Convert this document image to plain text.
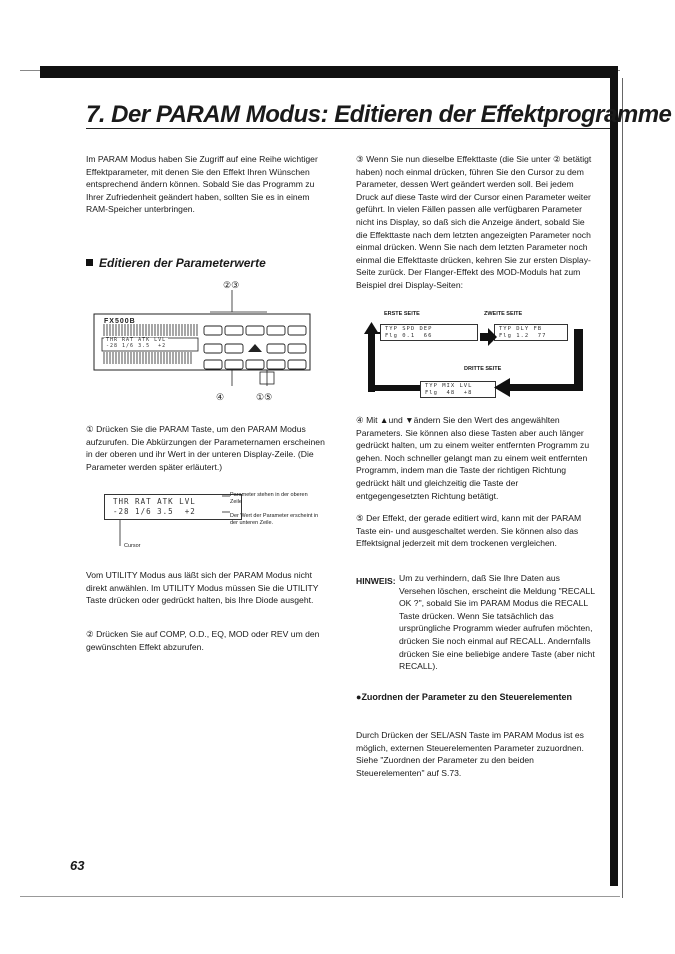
7. Der PARAM Modus: Editieren der Effektprogramme
Im PARAM Modus haben Sie Zugriff auf eine Reihe wichtiger Effektparameter, mit denen Sie den Effekt Ihren Wünschen entsprechend ändern können. Sobald Sie das Programm zu Ihrer Zufriedenheit geändert haben, sollten Sie es in einem RAM-Speicher unterbringen.
Editieren der Parameterwerte
THR RAT ATK LVL
-28 1/6 3.5  +2
FX500B
②③
④	①⑤
① Drücken Sie die PARAM Taste, um den PARAM Modus aufzurufen. Die Abkürzungen der Parameternamen erscheinen in der oberen und ihr Wert in der unteren Display-Zeile. (Die Parameter werden später erläutert.)
THR RAT ATK LVL
-28 1/6 3.5  +2
Parameter stehen in der oberen Zeile
Der Wert der Parameter erscheint in der unteren Zeile.
Cursor
Vom UTILITY Modus aus läßt sich der PARAM Modus nicht direkt anwählen. Im UTILITY Modus müssen Sie die UTILITY Taste drücken oder gedrückt halten, bis Ihre Diode ausgeht.
② Drücken Sie auf COMP, O.D., EQ, MOD oder REV um den gewünschten Effekt abzurufen.
③ Wenn Sie nun dieselbe Effekttaste (die Sie unter ② betätigt haben) noch einmal drücken, führen Sie den Cursor zu dem Parameter, dessen Wert geändert werden soll. Bei jedem Druck auf diese Taste wird der Cursor einen Parameter weiter geführt. In vielen Fällen passen alle verfügbaren Parameter nicht ins Display, so daß sich die Anzeige ändert, sobald Sie die Effekttaste nach dem letzten angezeigten Parameter noch einmal drücken. Wenn Sie nach dem letzten Parameter noch einmal die Effekttaste drücken, kehren Sie zur ersten Display-Seite zurück. Der Flanger-Effekt des MOD-Moduls hat zum Beispiel drei Display-Seiten:
ERSTE SEITE	ZWEITE SEITE
TYP SPD DEP
Flg 0.1  66
TYP DLY FB
Flg 1.2  77
DRITTE SEITE
TYP MIX LVL
Flg  48  +8
④ Mit ▲und ▼ändern Sie den Wert des angewählten Parameters. Sie können also diese Tasten aber auch länger gedrückt halten, um zu einem weiter entfernten Programm zu gehen. Noch schneller gelangt man zu einem weit entfernten Programm, indem man die Taste der richtigen Richtung gedrückt hält und gleichzeitig die Taste der entgegengesetzten Richtung betätigt.
⑤ Der Effekt, der gerade editiert wird, kann mit der PARAM Taste ein- und ausgeschaltet werden. Sie können also das Effektsignal jederzeit mit dem trockenen vergleichen.
HINWEIS: Um zu verhindern, daß Sie Ihre Daten aus Versehen löschen, erscheint die Meldung "RECALL OK ?", sobald Sie im PARAM Modus die RECALL Taste drücken. Wenn Sie tatsächlich das ursprüngliche Programm wieder aufrufen möchten, drücken Sie noch einmal auf RECALL. Andernfalls drücken Sie eine beliebige andere Taste (aber nicht RECALL).
●Zuordnen der Parameter zu den Steuerelementen
Durch Drücken der SEL/ASN Taste im PARAM Modus ist es möglich, externen Steuerelementen Parameter zuzuordnen. Siehe "Zuordnen der Parameter zu den beiden Steuerelementen" auf S.73.
63
